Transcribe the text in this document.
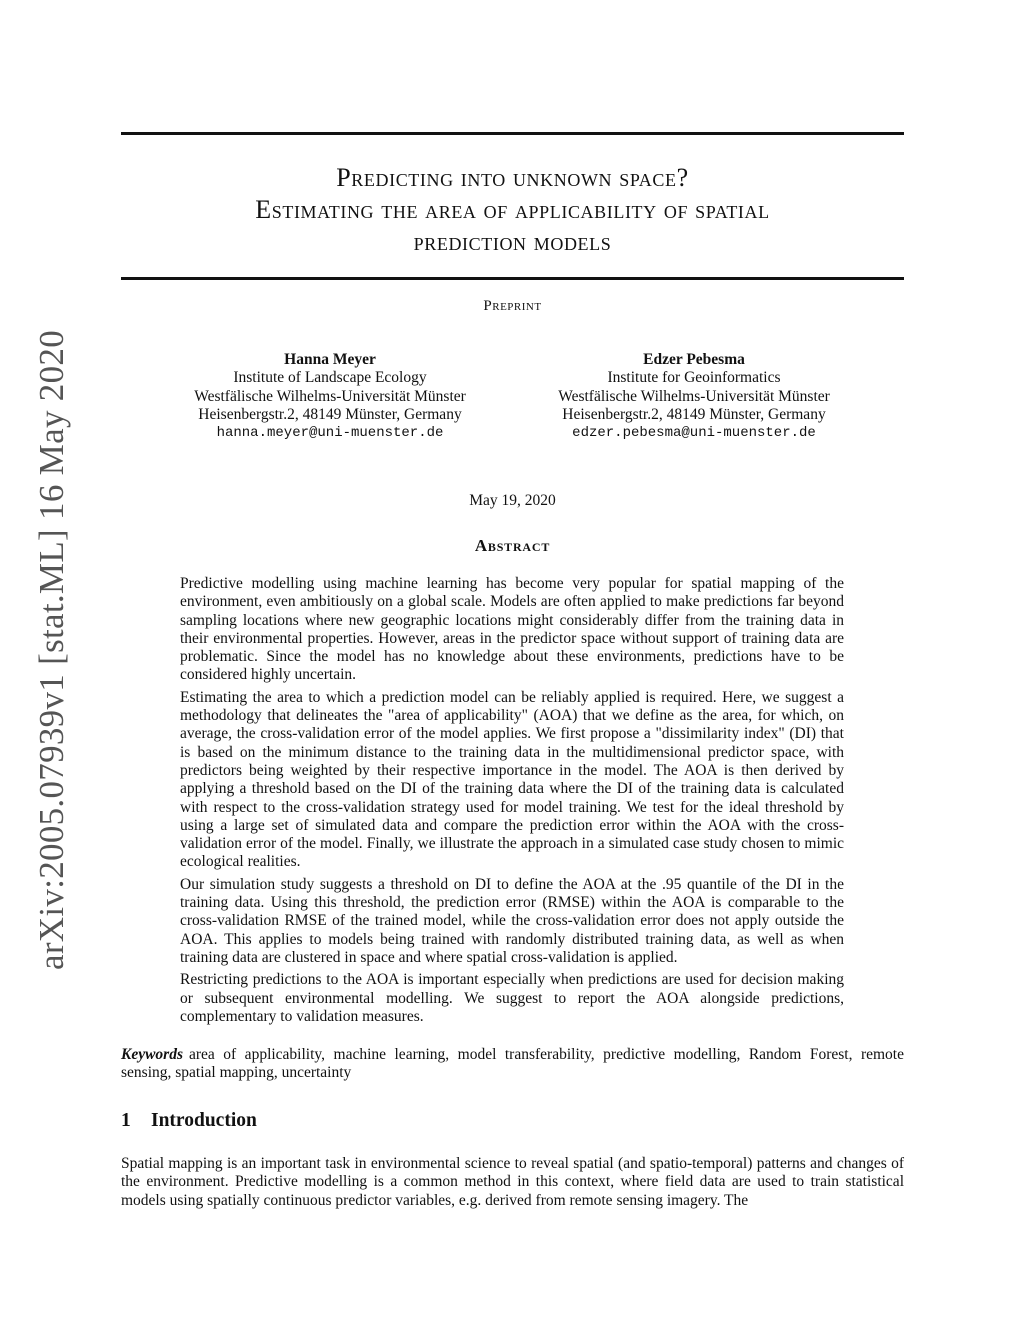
arXiv:2005.07939v1 [stat.ML] 16 May 2020
Predicting into unknown space?
Estimating the area of applicability of spatial
prediction models
Preprint
Hanna Meyer
Institute of Landscape Ecology
Westfälische Wilhelms-Universität Münster
Heisenbergstr.2, 48149 Münster, Germany
hanna.meyer@uni-muenster.de
Edzer Pebesma
Institute for Geoinformatics
Westfälische Wilhelms-Universität Münster
Heisenbergstr.2, 48149 Münster, Germany
edzer.pebesma@uni-muenster.de
May 19, 2020
Abstract

Predictive modelling using machine learning has become very popular for spatial mapping of the environment, even ambitiously on a global scale. Models are often applied to make predictions far beyond sampling locations where new geographic locations might considerably differ from the training data in their environmental properties. However, areas in the predictor space without support of training data are problematic. Since the model has no knowledge about these environments, predictions have to be considered highly uncertain.

Estimating the area to which a prediction model can be reliably applied is required. Here, we suggest a methodology that delineates the "area of applicability" (AOA) that we define as the area, for which, on average, the cross-validation error of the model applies. We first propose a "dissimilarity index" (DI) that is based on the minimum distance to the training data in the multidimensional predictor space, with predictors being weighted by their respective importance in the model. The AOA is then derived by applying a threshold based on the DI of the training data where the DI of the training data is calculated with respect to the cross-validation strategy used for model training. We test for the ideal threshold by using a large set of simulated data and compare the prediction error within the AOA with the cross-validation error of the model. Finally, we illustrate the approach in a simulated case study chosen to mimic ecological realities.

Our simulation study suggests a threshold on DI to define the AOA at the .95 quantile of the DI in the training data. Using this threshold, the prediction error (RMSE) within the AOA is comparable to the cross-validation RMSE of the trained model, while the cross-validation error does not apply outside the AOA. This applies to models being trained with randomly distributed training data, as well as when training data are clustered in space and where spatial cross-validation is applied.

Restricting predictions to the AOA is important especially when predictions are used for decision making or subsequent environmental modelling. We suggest to report the AOA alongside predictions, complementary to validation measures.

Keywords area of applicability, machine learning, model transferability, predictive modelling, Random Forest, remote sensing, spatial mapping, uncertainty
1 Introduction

Spatial mapping is an important task in environmental science to reveal spatial (and spatio-temporal) patterns and changes of the environment. Predictive modelling is a common method in this context, where field data are used to train statistical models using spatially continuous predictor variables, e.g. derived from remote sensing imagery. The
